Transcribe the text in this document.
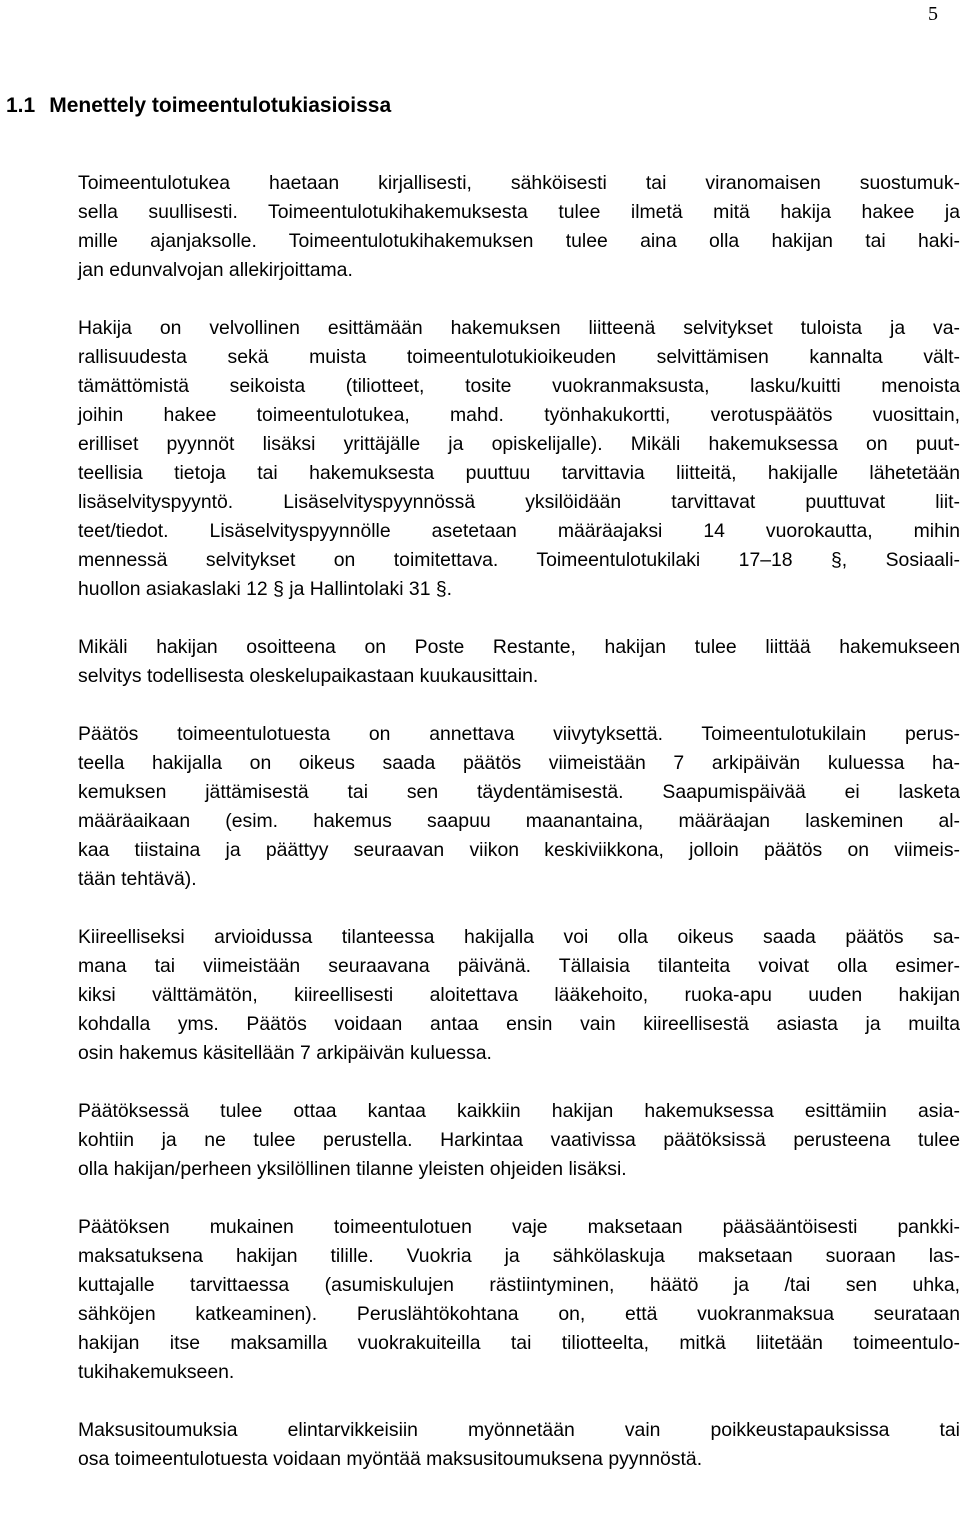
5
1.1 Menettely toimeentulotukiasioissa

Toimeentulotukea haetaan kirjallisesti, sähköisesti tai viranomaisen suostumuk-
sella suullisesti. Toimeentulotukihakemuksesta tulee ilmetä mitä hakija hakee ja
mille ajanjaksolle. Toimeentulotukihakemuksen tulee aina olla hakijan tai haki-
jan edunvalvojan allekirjoittama.

Hakija on velvollinen esittämään hakemuksen liitteenä selvitykset tuloista ja va-
rallisuudesta sekä muista toimeentulotukioikeuden selvittämisen kannalta vält-
tämättömistä seikoista (tiliotteet, tosite vuokranmaksusta, lasku/kuitti menoista
joihin hakee toimeentulotukea, mahd. työnhakukortti, verotuspäätös vuosittain,
erilliset pyynnöt lisäksi yrittäjälle ja opiskelijalle). Mikäli hakemuksessa on puut-
teellisia tietoja tai hakemuksesta puuttuu tarvittavia liitteitä, hakijalle lähetetään
lisäselvityspyyntö. Lisäselvityspyynnössä yksilöidään tarvittavat puuttuvat liit-
teet/tiedot. Lisäselvityspyynnölle asetetaan määräajaksi 14 vuorokautta, mihin
mennessä selvitykset on toimitettava. Toimeentulotukilaki 17–18 §, Sosiaali-
huollon asiakaslaki 12 § ja Hallintolaki 31 §.

Mikäli hakijan osoitteena on Poste Restante, hakijan tulee liittää hakemukseen
selvitys todellisesta oleskelupaikastaan kuukausittain.

Päätös toimeentulotuesta on annettava viivytyksettä. Toimeentulotukilain perus-
teella hakijalla on oikeus saada päätös viimeistään 7 arkipäivän kuluessa ha-
kemuksen jättämisestä tai sen täydentämisestä. Saapumispäivää ei lasketa
määräaikaan (esim. hakemus saapuu maanantaina, määräajan laskeminen al-
kaa tiistaina ja päättyy seuraavan viikon keskiviikkona, jolloin päätös on viimeis-
tään tehtävä).

Kiireelliseksi arvioidussa tilanteessa hakijalla voi olla oikeus saada päätös sa-
mana tai viimeistään seuraavana päivänä. Tällaisia tilanteita voivat olla esimer-
kiksi välttämätön, kiireellisesti aloitettava lääkehoito, ruoka-apu uuden hakijan
kohdalla yms. Päätös voidaan antaa ensin vain kiireellisestä asiasta ja muilta
osin hakemus käsitellään 7 arkipäivän kuluessa.

Päätöksessä tulee ottaa kantaa kaikkiin hakijan hakemuksessa esittämiin asia-
kohtiin ja ne tulee perustella. Harkintaa vaativissa päätöksissä perusteena tulee
olla hakijan/perheen yksilöllinen tilanne yleisten ohjeiden lisäksi.

Päätöksen mukainen toimeentulotuen vaje maksetaan pääsääntöisesti pankki-
maksatuksena hakijan tilille. Vuokria ja sähkölaskuja maksetaan suoraan las-
kuttajalle tarvittaessa (asumiskulujen rästiintyminen, häätö ja /tai sen uhka,
sähköjen katkeaminen). Peruslähtökohtana on, että vuokranmaksua seurataan
hakijan itse maksamilla vuokrakuiteilla tai tiliotteelta, mitkä liitetään toimeentulo-
tukihakemukseen.

Maksusitoumuksia elintarvikkeisiin myönnetään vain poikkeustapauksissa tai
osa toimeentulotuesta voidaan myöntää maksusitoumuksena pyynnöstä.
